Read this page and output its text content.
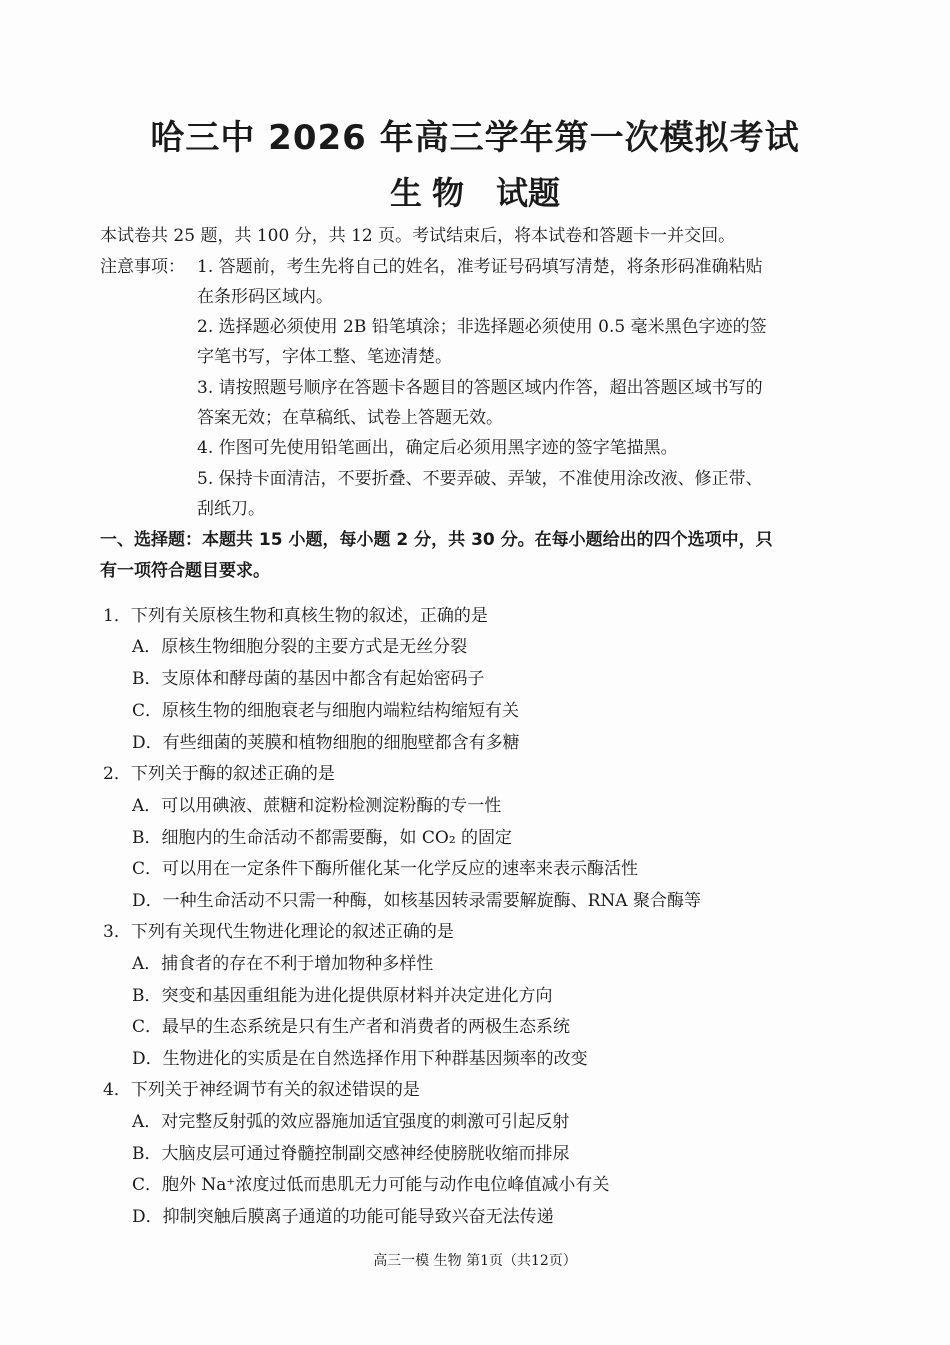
哈三中 2026 年高三学年第一次模拟考试
生物 试题
本试卷共 25 题，共 100 分，共 12 页。考试结束后，将本试卷和答题卡一并交回。
注意事项： 1. 答题前，考生先将自己的姓名，准考证号码填写清楚，将条形码准确粘贴
在条形码区域内。
2. 选择题必须使用 2B 铅笔填涂；非选择题必须使用 0.5 毫米黑色字迹的签
字笔书写，字体工整、笔迹清楚。
3. 请按照题号顺序在答题卡各题目的答题区域内作答，超出答题区域书写的
答案无效；在草稿纸、试卷上答题无效。
4. 作图可先使用铅笔画出，确定后必须用黑字迹的签字笔描黑。
5. 保持卡面清洁，不要折叠、不要弄破、弄皱，不准使用涂改液、修正带、
刮纸刀。
一、选择题：本题共 15 小题，每小题 2 分，共 30 分。在每小题给出的四个选项中，只
有一项符合题目要求。
1．下列有关原核生物和真核生物的叙述，正确的是
A．原核生物细胞分裂的主要方式是无丝分裂
B．支原体和酵母菌的基因中都含有起始密码子
C．原核生物的细胞衰老与细胞内端粒结构缩短有关
D．有些细菌的荚膜和植物细胞的细胞壁都含有多糖
2．下列关于酶的叙述正确的是
A．可以用碘液、蔗糖和淀粉检测淀粉酶的专一性
B．细胞内的生命活动不都需要酶，如 CO₂ 的固定
C．可以用在一定条件下酶所催化某一化学反应的速率来表示酶活性
D．一种生命活动不只需一种酶，如核基因转录需要解旋酶、RNA 聚合酶等
3．下列有关现代生物进化理论的叙述正确的是
A．捕食者的存在不利于增加物种多样性
B．突变和基因重组能为进化提供原材料并决定进化方向
C．最早的生态系统是只有生产者和消费者的两极生态系统
D．生物进化的实质是在自然选择作用下种群基因频率的改变
4．下列关于神经调节有关的叙述错误的是
A．对完整反射弧的效应器施加适宜强度的刺激可引起反射
B．大脑皮层可通过脊髓控制副交感神经使膀胱收缩而排尿
C．胞外 Na⁺浓度过低而患肌无力可能与动作电位峰值减小有关
D．抑制突触后膜离子通道的功能可能导致兴奋无法传递
高三一模 生物 第1页（共12页）
